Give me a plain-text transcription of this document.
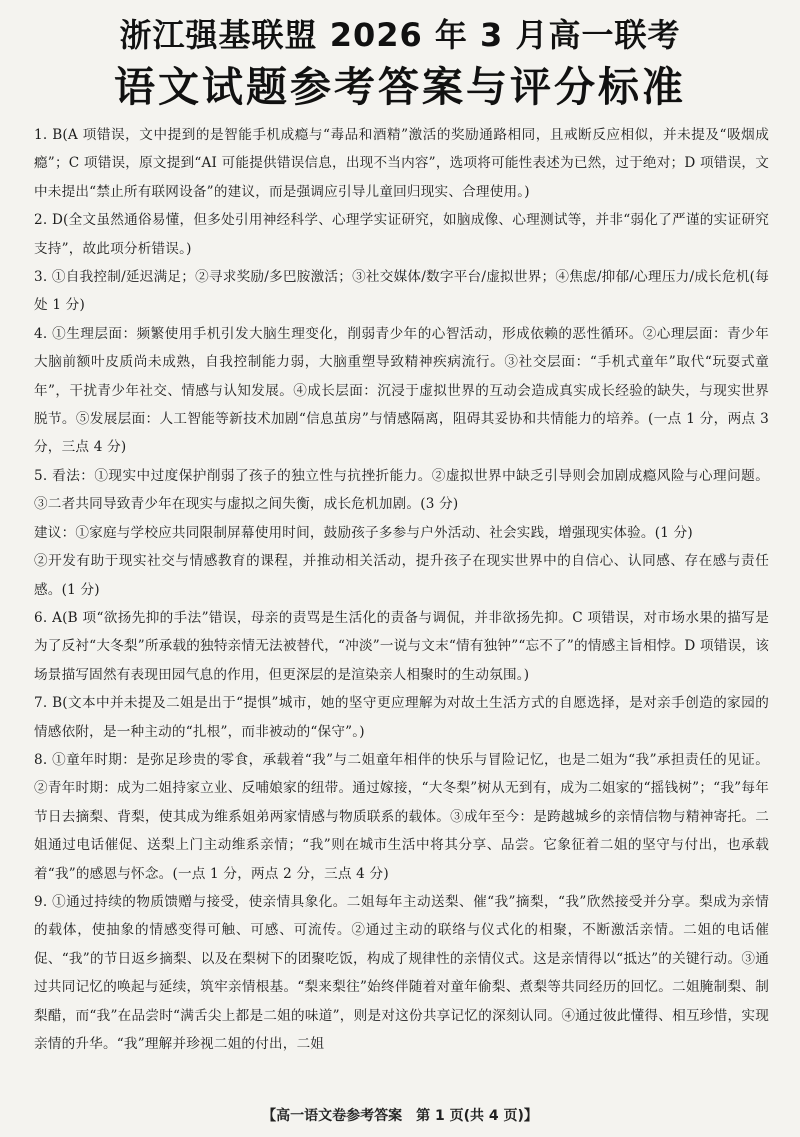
浙江强基联盟 2026 年 3 月高一联考
语文试题参考答案与评分标准

1. B(A 项错误，文中提到的是智能手机成瘾与“毒品和酒精”激活的奖励通路相同，且戒断反应相似，并未提及“吸烟成瘾”；C 项错误，原文提到“AI 可能提供错误信息，出现不当内容”，选项将可能性表述为已然，过于绝对；D 项错误，文中未提出“禁止所有联网设备”的建议，而是强调应引导儿童回归现实、合理使用。)

2. D(全文虽然通俗易懂，但多处引用神经科学、心理学实证研究，如脑成像、心理测试等，并非“弱化了严谨的实证研究支持”，故此项分析错误。)

3. ①自我控制/延迟满足；②寻求奖励/多巴胺激活；③社交媒体/数字平台/虚拟世界；④焦虑/抑郁/心理压力/成长危机(每处 1 分)

4. ①生理层面：频繁使用手机引发大脑生理变化，削弱青少年的心智活动，形成依赖的恶性循环。②心理层面：青少年大脑前额叶皮质尚未成熟，自我控制能力弱，大脑重塑导致精神疾病流行。③社交层面：“手机式童年”取代“玩耍式童年”，干扰青少年社交、情感与认知发展。④成长层面：沉浸于虚拟世界的互动会造成真实成长经验的缺失，与现实世界脱节。⑤发展层面：人工智能等新技术加剧“信息茧房”与情感隔离，阻碍其妥协和共情能力的培养。(一点 1 分，两点 3 分，三点 4 分)

5. 看法：①现实中过度保护削弱了孩子的独立性与抗挫折能力。②虚拟世界中缺乏引导则会加剧成瘾风险与心理问题。③二者共同导致青少年在现实与虚拟之间失衡，成长危机加剧。(3 分)

建议：①家庭与学校应共同限制屏幕使用时间，鼓励孩子多参与户外活动、社会实践，增强现实体验。(1 分)

②开发有助于现实社交与情感教育的课程，并推动相关活动，提升孩子在现实世界中的自信心、认同感、存在感与责任感。(1 分)

6. A(B 项“欲扬先抑的手法”错误，母亲的责骂是生活化的责备与调侃，并非欲扬先抑。C 项错误，对市场水果的描写是为了反衬“大冬梨”所承载的独特亲情无法被替代，“冲淡”一说与文末“情有独钟”“忘不了”的情感主旨相悖。D 项错误，该场景描写固然有表现田园气息的作用，但更深层的是渲染亲人相聚时的生动氛围。)

7. B(文本中并未提及二姐是出于“提惧”城市，她的坚守更应理解为对故土生活方式的自愿选择，是对亲手创造的家园的情感依附，是一种主动的“扎根”，而非被动的“保守”。)

8. ①童年时期：是弥足珍贵的零食，承载着“我”与二姐童年相伴的快乐与冒险记忆，也是二姐为“我”承担责任的见证。②青年时期：成为二姐持家立业、反哺娘家的纽带。通过嫁接，“大冬梨”树从无到有，成为二姐家的“摇钱树”；“我”每年节日去摘梨、背梨，使其成为维系姐弟两家情感与物质联系的载体。③成年至今：是跨越城乡的亲情信物与精神寄托。二姐通过电话催促、送梨上门主动维系亲情；“我”则在城市生活中将其分享、品尝。它象征着二姐的坚守与付出，也承载着“我”的感恩与怀念。(一点 1 分，两点 2 分，三点 4 分)

9. ①通过持续的物质馈赠与接受，使亲情具象化。二姐每年主动送梨、催“我”摘梨，“我”欣然接受并分享。梨成为亲情的载体，使抽象的情感变得可触、可感、可流传。②通过主动的联络与仪式化的相聚，不断激活亲情。二姐的电话催促、“我”的节日返乡摘梨、以及在梨树下的团聚吃饭，构成了规律性的亲情仪式。这是亲情得以“抵达”的关键行动。③通过共同记忆的唤起与延续，筑牢亲情根基。“梨来梨往”始终伴随着对童年偷梨、煮梨等共同经历的回忆。二姐腌制梨、制梨醋，而“我”在品尝时“满舌尖上都是二姐的味道”，则是对这份共享记忆的深刻认同。④通过彼此懂得、相互珍惜，实现亲情的升华。“我”理解并珍视二姐的付出，二姐

【高一语文卷参考答案　第 1 页(共 4 页)】
